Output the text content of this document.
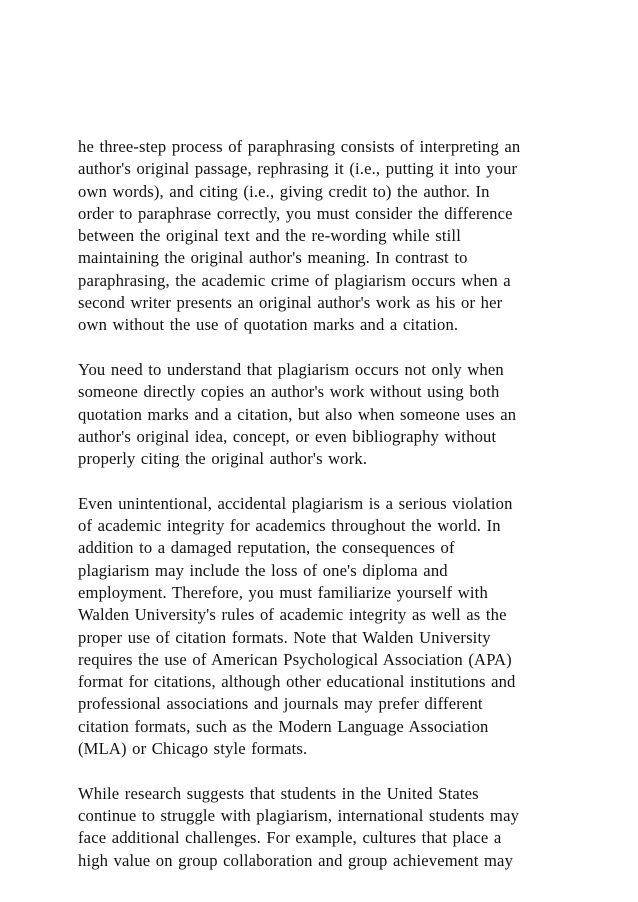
he three-step process of paraphrasing consists of interpreting an
author's original passage, rephrasing it (i.e., putting it into your
own words), and citing (i.e., giving credit to) the author. In
order to paraphrase correctly, you must consider the difference
between the original text and the re-wording while still
maintaining the original author's meaning. In contrast to
paraphrasing, the academic crime of plagiarism occurs when a
second writer presents an original author's work as his or her
own without the use of quotation marks and a citation.

You need to understand that plagiarism occurs not only when
someone directly copies an author's work without using both
quotation marks and a citation, but also when someone uses an
author's original idea, concept, or even bibliography without
properly citing the original author's work.

Even unintentional, accidental plagiarism is a serious violation
of academic integrity for academics throughout the world. In
addition to a damaged reputation, the consequences of
plagiarism may include the loss of one's diploma and
employment. Therefore, you must familiarize yourself with
Walden University's rules of academic integrity as well as the
proper use of citation formats. Note that Walden University
requires the use of American Psychological Association (APA)
format for citations, although other educational institutions and
professional associations and journals may prefer different
citation formats, such as the Modern Language Association
(MLA) or Chicago style formats.

While research suggests that students in the United States
continue to struggle with plagiarism, international students may
face additional challenges. For example, cultures that place a
high value on group collaboration and group achievement may
